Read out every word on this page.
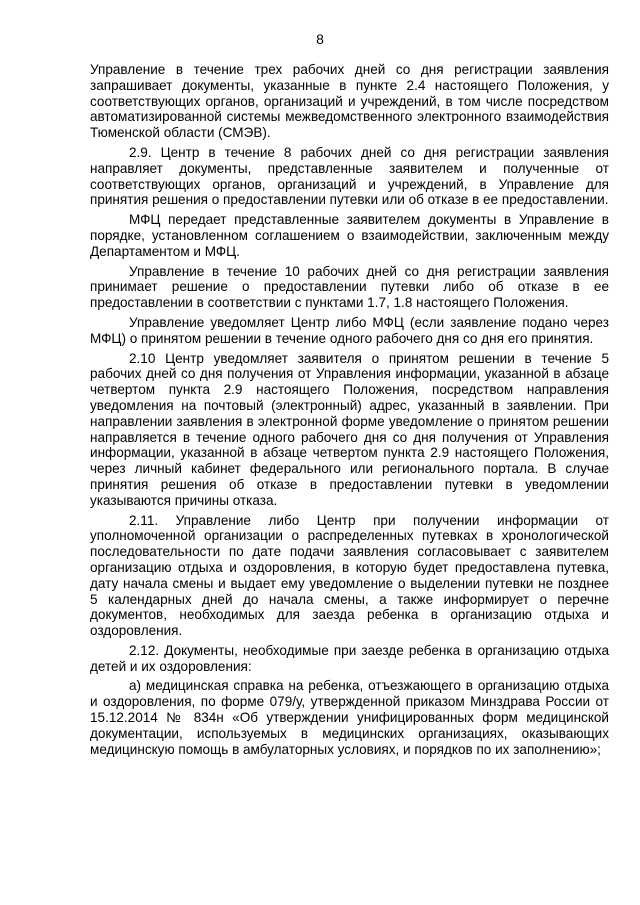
8

Управление в течение трех рабочих дней со дня регистрации заявления запрашивает документы, указанные в пункте 2.4 настоящего Положения, у соответствующих органов, организаций и учреждений, в том числе посредством автоматизированной системы межведомственного электронного взаимодействия Тюменской области (СМЭВ).

2.9. Центр в течение 8 рабочих дней со дня регистрации заявления направляет документы, представленные заявителем и полученные от соответствующих органов, организаций и учреждений, в Управление для принятия решения о предоставлении путевки или об отказе в ее предоставлении.

МФЦ передает представленные заявителем документы в Управление в порядке, установленном соглашением о взаимодействии, заключенным между Департаментом и МФЦ.

Управление в течение 10 рабочих дней со дня регистрации заявления принимает решение о предоставлении путевки либо об отказе в ее предоставлении в соответствии с пунктами 1.7, 1.8 настоящего Положения.

Управление уведомляет Центр либо МФЦ (если заявление подано через МФЦ) о принятом решении в течение одного рабочего дня со дня его принятия.

2.10 Центр уведомляет заявителя о принятом решении в течение 5 рабочих дней со дня получения от Управления информации, указанной в абзаце четвертом пункта 2.9 настоящего Положения, посредством направления уведомления на почтовый (электронный) адрес, указанный в заявлении. При направлении заявления в электронной форме уведомление о принятом решении направляется в течение одного рабочего дня со дня получения от Управления информации, указанной в абзаце четвертом пункта 2.9 настоящего Положения, через личный кабинет федерального или регионального портала. В случае принятия решения об отказе в предоставлении путевки в уведомлении указываются причины отказа.

2.11. Управление либо Центр при получении информации от уполномоченной организации о распределенных путевках в хронологической последовательности по дате подачи заявления согласовывает с заявителем организацию отдыха и оздоровления, в которую будет предоставлена путевка, дату начала смены и выдает ему уведомление о выделении путевки не позднее 5 календарных дней до начала смены, а также информирует о перечне документов, необходимых для заезда ребенка в организацию отдыха и оздоровления.

2.12. Документы, необходимые при заезде ребенка в организацию отдыха детей и их оздоровления:

а) медицинская справка на ребенка, отъезжающего в организацию отдыха и оздоровления, по форме 079/у, утвержденной приказом Минздрава России от 15.12.2014 № 834н «Об утверждении унифицированных форм медицинской документации, используемых в медицинских организациях, оказывающих медицинскую помощь в амбулаторных условиях, и порядков по их заполнению»;
